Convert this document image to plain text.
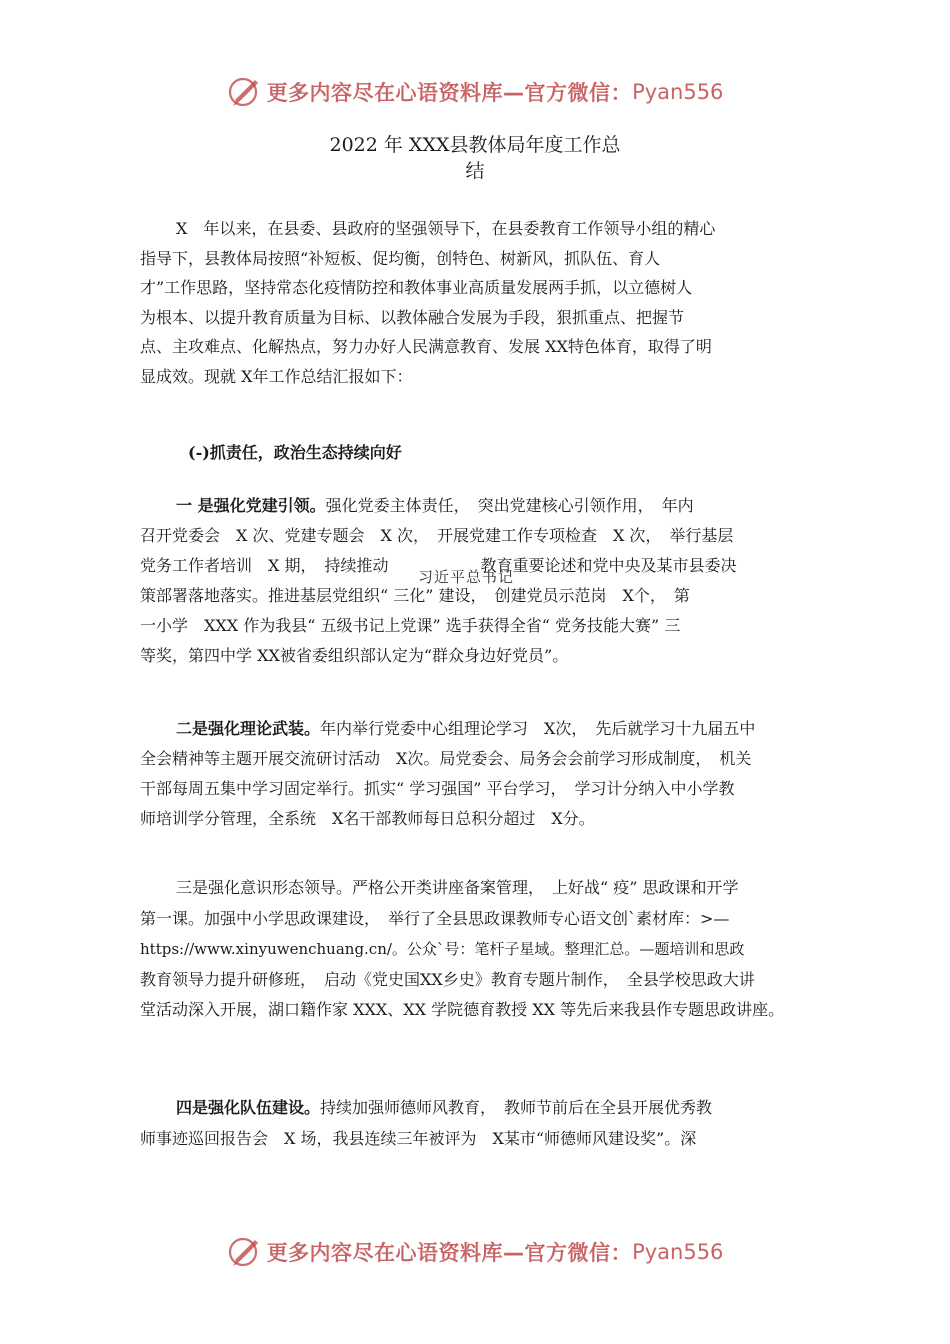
更多内容尽在心语资料库—官方微信： Pyan556
2022 年 XXX县教体局年度工作总
结
X　年以来，在县委、县政府的坚强领导下，在县委教育工作领导小组的精心
指导下，县教体局按照“补短板、促均衡，创特色、树新风，抓队伍、育人
才”工作思路，坚持常态化疫情防控和教体事业高质量发展两手抓，以立德树人
为根本、以提升教育质量为目标、以教体融合发展为手段，狠抓重点、把握节
点、主攻难点、化解热点，努力办好人民满意教育、发展 XX特色体育，取得了明
显成效。现就 X年工作总结汇报如下：
(-)抓责任，政治生态持续向好
一 是强化党建引领。强化党委主体责任，　突出党建核心引领作用，　年内
召开党委会　X 次、党建专题会　X 次，　开展党建工作专项检查　X 次，　举行基层
党务工作者培训　X 期，　持续推动	教育重要论述和党中央及某市县委决
策部署落地落实。推进基层党组织“ 三化” 建设，　创建党员示范岗　X个，　第
一小学　XXX 作为我县“ 五级书记上党课” 选手获得全省“ 党务技能大赛” 三
等奖，第四中学 XX被省委组织部认定为“群众身边好党员”。
习近平总书记
二是强化理论武装。年内举行党委中心组理论学习　X次，　先后就学习十九届五中
全会精神等主题开展交流研讨活动　X次。局党委会、局务会会前学习形成制度，　机关
干部每周五集中学习固定举行。抓实“ 学习强国” 平台学习，　学习计分纳入中小学教
师培训学分管理，全系统　X名干部教师每日总积分超过　X分。
三是强化意识形态领导。严格公开类讲座备案管理，　上好战“ 疫” 思政课和开学
第一课。加强中小学思政课建设，　举行了全县思政课教师专心语文创`素材库：>—
https://www.xinyuwenchuang.cn/。公众`号：笔杆子星域。整理汇总。—题培训和思政
教育领导力提升研修班，　启动《党史国XX乡史》教育专题片制作，　全县学校思政大讲
堂活动深入开展，湖口籍作家 XXX、XX 学院德育教授 XX 等先后来我县作专题思政讲座。
四是强化队伍建设。持续加强师德师风教育，　教师节前后在全县开展优秀教
师事迹巡回报告会　X 场，我县连续三年被评为　X某市“师德师风建设奖”。深
更多内容尽在心语资料库—官方微信： Pyan556
